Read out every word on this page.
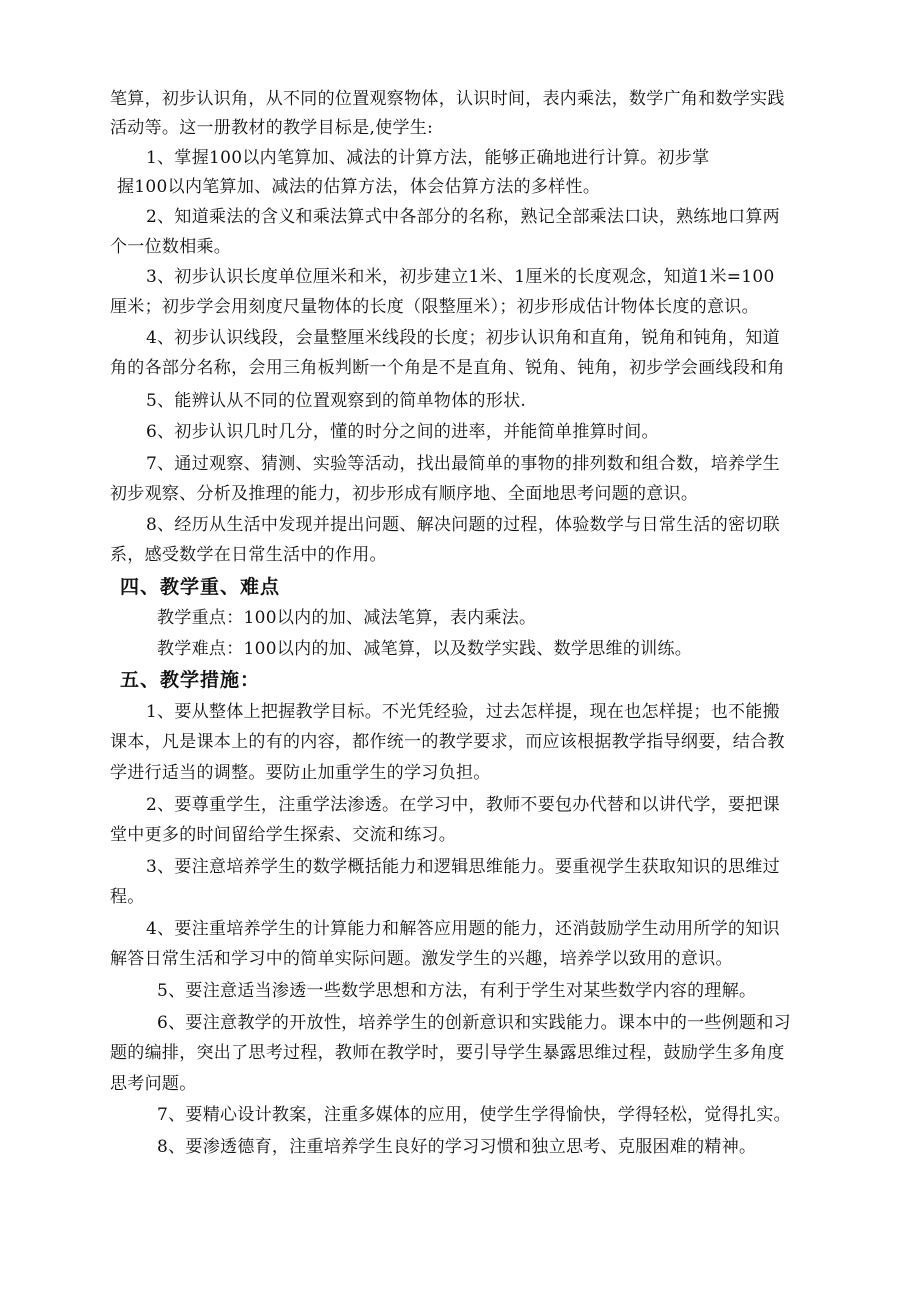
笔算，初步认识角，从不同的位置观察物体，认识时间，表内乘法，数学广角和数学实践
活动等。这一册教材的教学目标是,使学生:
1、掌握100以内笔算加、减法的计算方法，能够正确地进行计算。初步掌
握100以内笔算加、减法的估算方法，体会估算方法的多样性。
2、知道乘法的含义和乘法算式中各部分的名称，熟记全部乘法口诀，熟练地口算两
个一位数相乘。
3、初步认识长度单位厘米和米，初步建立1米、1厘米的长度观念，知道1米=100
厘米；初步学会用刻度尺量物体的长度（限整厘米）；初步形成估计物体长度的意识。
4、初步认识线段，会量整厘米线段的长度；初步认识角和直角，锐角和钝角，知道
角的各部分名称，会用三角板判断一个角是不是直角、锐角、钝角，初步学会画线段和角
5、能辨认从不同的位置观察到的简单物体的形状.
6、初步认识几时几分，懂的时分之间的进率，并能简单推算时间。
7、通过观察、猜测、实验等活动，找出最简单的事物的排列数和组合数，培养学生
初步观察、分析及推理的能力，初步形成有顺序地、全面地思考问题的意识。
8、经历从生活中发现并提出问题、解决问题的过程，体验数学与日常生活的密切联
系，感受数学在日常生活中的作用。
四、教学重、难点
教学重点：100以内的加、减法笔算，表内乘法。
教学难点：100以内的加、减笔算，以及数学实践、数学思维的训练。
五、教学措施：
1、要从整体上把握教学目标。不光凭经验，过去怎样提，现在也怎样提；也不能搬
课本，凡是课本上的有的内容，都作统一的教学要求，而应该根据教学指导纲要，结合教
学进行适当的调整。要防止加重学生的学习负担。
2、要尊重学生，注重学法渗透。在学习中，教师不要包办代替和以讲代学，要把课
堂中更多的时间留给学生探索、交流和练习。
3、要注意培养学生的数学概括能力和逻辑思维能力。要重视学生获取知识的思维过
程。
4、要注重培养学生的计算能力和解答应用题的能力，还消鼓励学生动用所学的知识
解答日常生活和学习中的简单实际问题。激发学生的兴趣，培养学以致用的意识。
5、要注意适当渗透一些数学思想和方法，有利于学生对某些数学内容的理解。
6、要注意教学的开放性，培养学生的创新意识和实践能力。课本中的一些例题和习
题的编排，突出了思考过程，教师在教学时，要引导学生暴露思维过程，鼓励学生多角度
思考问题。
7、要精心设计教案，注重多媒体的应用，使学生学得愉快，学得轻松，觉得扎实。
8、要渗透德育，注重培养学生良好的学习习惯和独立思考、克服困难的精神。
